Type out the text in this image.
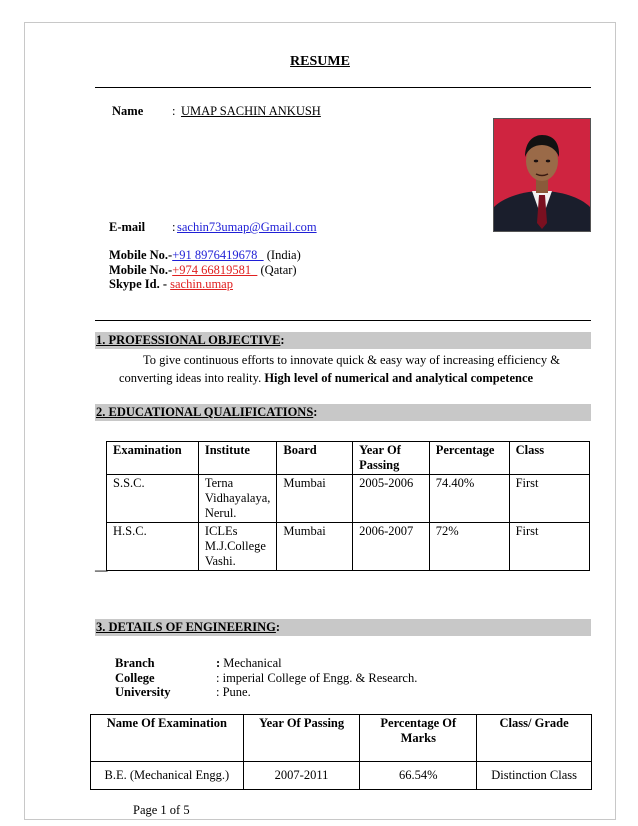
RESUME
Name : UMAP SACHIN ANKUSH
E-mail : sachin73umap@Gmail.com
Mobile No.-+91 8976419678   (India)
Mobile No.-+974 66819581   (Qatar)
Skype Id. - sachin.umap
1. PROFESSIONAL OBJECTIVE:
To give continuous efforts to innovate quick & easy way of increasing efficiency &
converting ideas into reality. High level of numerical and analytical competence
2. EDUCATIONAL QUALIFICATIONS:
Examination	Institute	Board	Year Of Passing	Percentage	Class
S.S.C.	Terna Vidhayalaya, Nerul.	Mumbai	2005-2006	74.40%	First
H.S.C.	ICLEs M.J.College Vashi.	Mumbai	2006-2007	72%	First
—
3. DETAILS OF ENGINEERING:
Branch	: Mechanical
College	: imperial College of Engg. & Research.
University	: Pune.
Name Of Examination	Year Of Passing	Percentage Of Marks	Class/ Grade
B.E. (Mechanical Engg.)	2007-2011	66.54%	Distinction Class
Page 1 of 5
